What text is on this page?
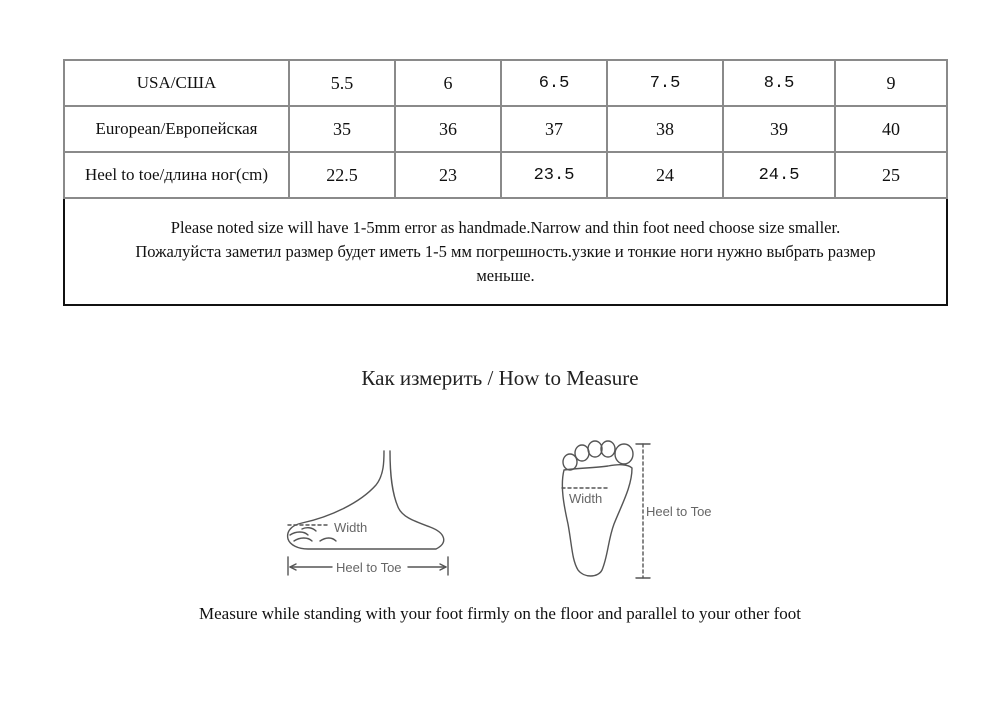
USA/США	5.5	6	6.5	7.5	8.5	9
European/Европейская	35	36	37	38	39	40
Heel to toe/длина ног(cm)	22.5	23	23.5	24	24.5	25

Please noted size will have 1-5mm error as handmade.Narrow and thin foot need choose size smaller.
Пожалуйста заметил размер будет иметь 1-5 мм погрешность.узкие и тонкие ноги нужно выбрать размер
меньше.						
Как измерить / How to Measure
Width
Heel to Toe
Width
Heel to Toe
Measure while standing with your foot firmly on the floor and parallel to your other foot
